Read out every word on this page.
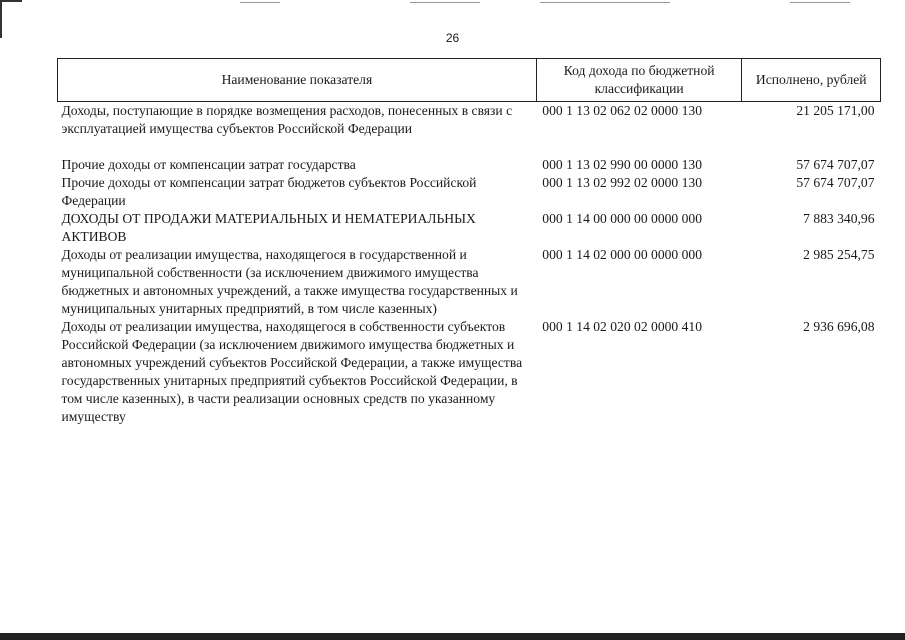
26
Наименование показателя	Код дохода по бюджетной классификации	Исполнено, рублей
Доходы, поступающие в порядке возмещения расходов, понесенных в связи с эксплуатацией имущества субъектов Российской Федерации	000 1 13 02 062 02 0000 130	21 205 171,00

Прочие доходы от компенсации затрат государства	000 1 13 02 990 00 0000 130	57 674 707,07
Прочие доходы от компенсации затрат бюджетов субъектов Российской Федерации	000 1 13 02 992 02 0000 130	57 674 707,07
ДОХОДЫ ОТ ПРОДАЖИ МАТЕРИАЛЬНЫХ И НЕМАТЕРИАЛЬНЫХ АКТИВОВ	000 1 14 00 000 00 0000 000	7 883 340,96
Доходы от реализации имущества, находящегося в государственной и муниципальной собственности (за исключением движимого имущества бюджетных и автономных учреждений, а также имущества государственных и муниципальных унитарных предприятий, в том числе казенных)	000 1 14 02 000 00 0000 000	2 985 254,75
Доходы от реализации имущества, находящегося в собственности субъектов Российской Федерации (за исключением движимого имущества бюджетных и автономных учреждений субъектов Российской Федерации, а также имущества государственных унитарных предприятий субъектов Российской Федерации, в том числе казенных), в части реализации основных средств по указанному имуществу	000 1 14 02 020 02 0000 410	2 936 696,08
